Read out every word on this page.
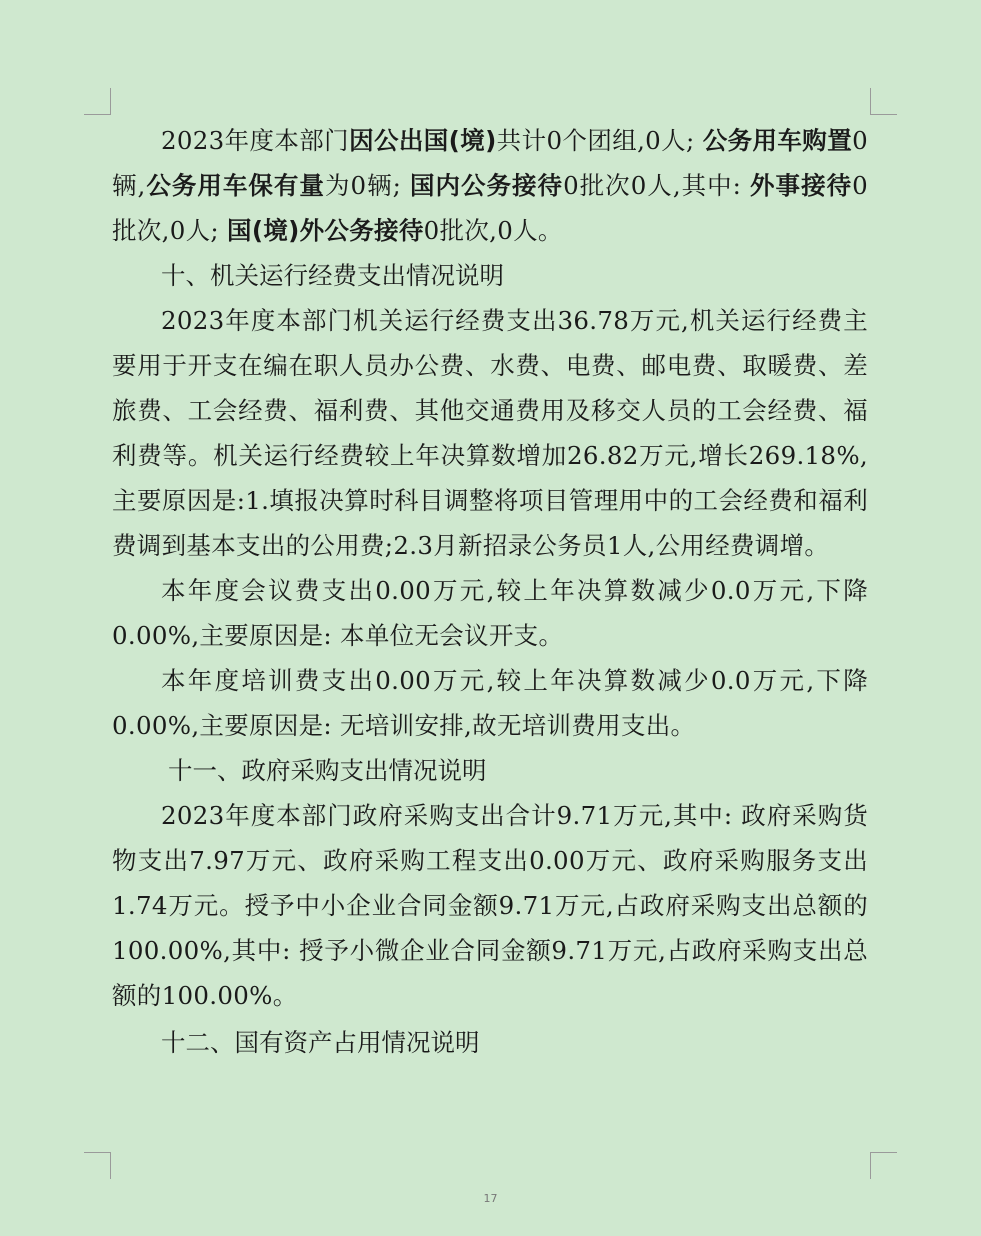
2023年度本部门因公出国(境)共计0个团组,0人; 公务用车购置0辆,公务用车保有量为0辆; 国内公务接待0批次0人,其中: 外事接待0批次,0人; 国(境)外公务接待0批次,0人。

十、机关运行经费支出情况说明

2023年度本部门机关运行经费支出36.78万元,机关运行经费主要用于开支在编在职人员办公费、水费、电费、邮电费、取暖费、差旅费、工会经费、福利费、其他交通费用及移交人员的工会经费、福利费等。机关运行经费较上年决算数增加26.82万元,增长269.18%,主要原因是:1.填报决算时科目调整将项目管理用中的工会经费和福利费调到基本支出的公用费;2.3月新招录公务员1人,公用经费调增。

本年度会议费支出0.00万元,较上年决算数减少0.0万元,下降0.00%,主要原因是: 本单位无会议开支。

本年度培训费支出0.00万元,较上年决算数减少0.0万元,下降0.00%,主要原因是: 无培训安排,故无培训费用支出。

十一、政府采购支出情况说明

2023年度本部门政府采购支出合计9.71万元,其中: 政府采购货物支出7.97万元、政府采购工程支出0.00万元、政府采购服务支出1.74万元。授予中小企业合同金额9.71万元,占政府采购支出总额的100.00%,其中: 授予小微企业合同金额9.71万元,占政府采购支出总额的100.00%。

十二、国有资产占用情况说明

17
